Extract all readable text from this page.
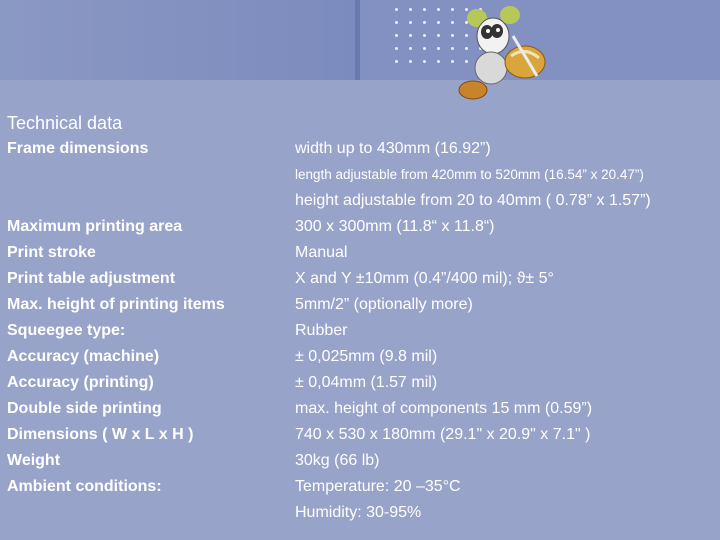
Technical data
Frame dimensions
Maximum printing area
Print stroke
Print table adjustment
Max. height of printing items
Squeegee type:
Accuracy (machine)
Accuracy (printing)
Double side printing
Dimensions ( W x L x H )
Weight
Ambient conditions:
width up to 430mm (16.92”)
length adjustable from 420mm to 520mm (16.54” x 20.47”)
height adjustable from 20 to 40mm ( 0.78” x 1.57”)
300 x 300mm (11.8“ x 11.8“)
Manual
X and Y ±10mm (0.4”/400 mil); ϑ± 5°
5mm/2” (optionally more)
Rubber
± 0,025mm (9.8 mil)
± 0,04mm (1.57 mil)
max. height of components 15 mm (0.59”)
740 x 530 x 180mm (29.1" x 20.9" x 7.1" )
30kg (66 lb)
Temperature: 20 –35°C
Humidity: 30-95%
